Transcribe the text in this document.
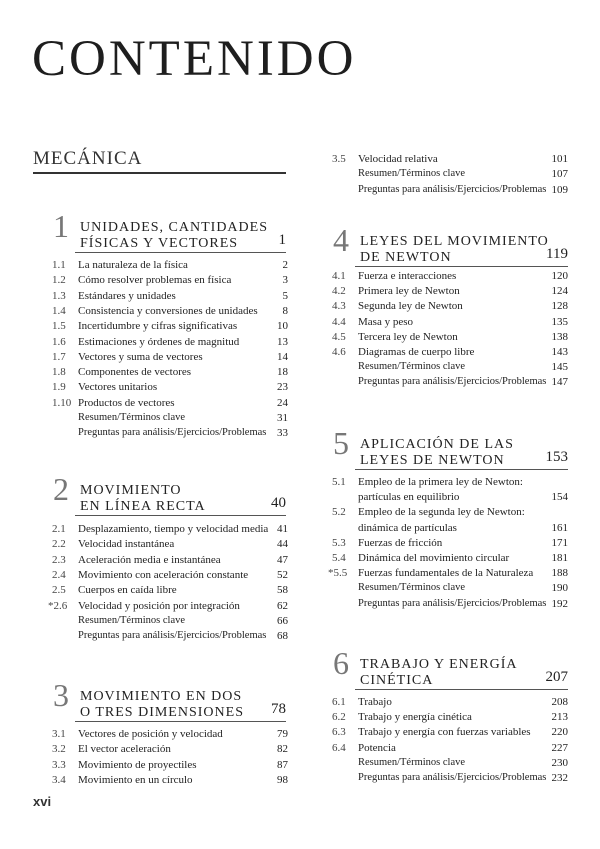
CONTENIDO
MECÁNICA
xvi
1 UNIDADES, CANTIDADES
FÍSICAS Y VECTORES	1
1.1 La naturaleza de la física	2
1.2 Cómo resolver problemas en física	3
1.3 Estándares y unidades	5
1.4 Consistencia y conversiones de unidades 8
1.5 Incertidumbre y cifras significativas	10
1.6 Estimaciones y órdenes de magnitud	13
1.7 Vectores y suma de vectores	14
1.8 Componentes de vectores	18
1.9 Vectores unitarios	23
1.10 Productos de vectores	24
Resumen/Términos clave	31
Preguntas para análisis/Ejercicios/Problemas 33
2 MOVIMIENTO
EN LÍNEA RECTA	40
2.1 Desplazamiento, tiempo y velocidad media 41
2.2 Velocidad instantánea	44
2.3 Aceleración media e instantánea	47
2.4 Movimiento con aceleración constante	52
2.5 Cuerpos en caída libre	58
*2.6 Velocidad y posición por integración	62
Resumen/Términos clave	66
Preguntas para análisis/Ejercicios/Problemas 68
3 MOVIMIENTO EN DOS
O TRES DIMENSIONES 78
3.1 Vectores de posición y velocidad	79
3.2 El vector aceleración	82
3.3 Movimiento de proyectiles	87
3.4 Movimiento en un círculo	98
3.5 Velocidad relativa	101
Resumen/Términos clave	107
Preguntas para análisis/Ejercicios/Problemas 109
4 LEYES DEL MOVIMIENTO
DE NEWTON	119
4.1 Fuerza e interacciones	120
4.2 Primera ley de Newton	124
4.3 Segunda ley de Newton	128
4.4 Masa y peso	135
4.5 Tercera ley de Newton	138
4.6 Diagramas de cuerpo libre	143
Resumen/Términos clave	145
Preguntas para análisis/Ejercicios/Problemas 147
5 APLICACIÓN DE LAS
LEYES DE NEWTON	153
5.1 Empleo de la primera ley de Newton:
partículas en equilibrio	154
5.2 Empleo de la segunda ley de Newton:
dinámica de partículas	161
5.3 Fuerzas de fricción	171
5.4 Dinámica del movimiento circular	181
*5.5 Fuerzas fundamentales de la Naturaleza 188
Resumen/Términos clave	190
Preguntas para análisis/Ejercicios/Problemas 192
6 TRABAJO Y ENERGÍA
CINÉTICA	207
6.1 Trabajo	208
6.2 Trabajo y energía cinética	213
6.3 Trabajo y energía con fuerzas variables 220
6.4 Potencia	227
Resumen/Términos clave	230
Preguntas para análisis/Ejercicios/Problemas 232
